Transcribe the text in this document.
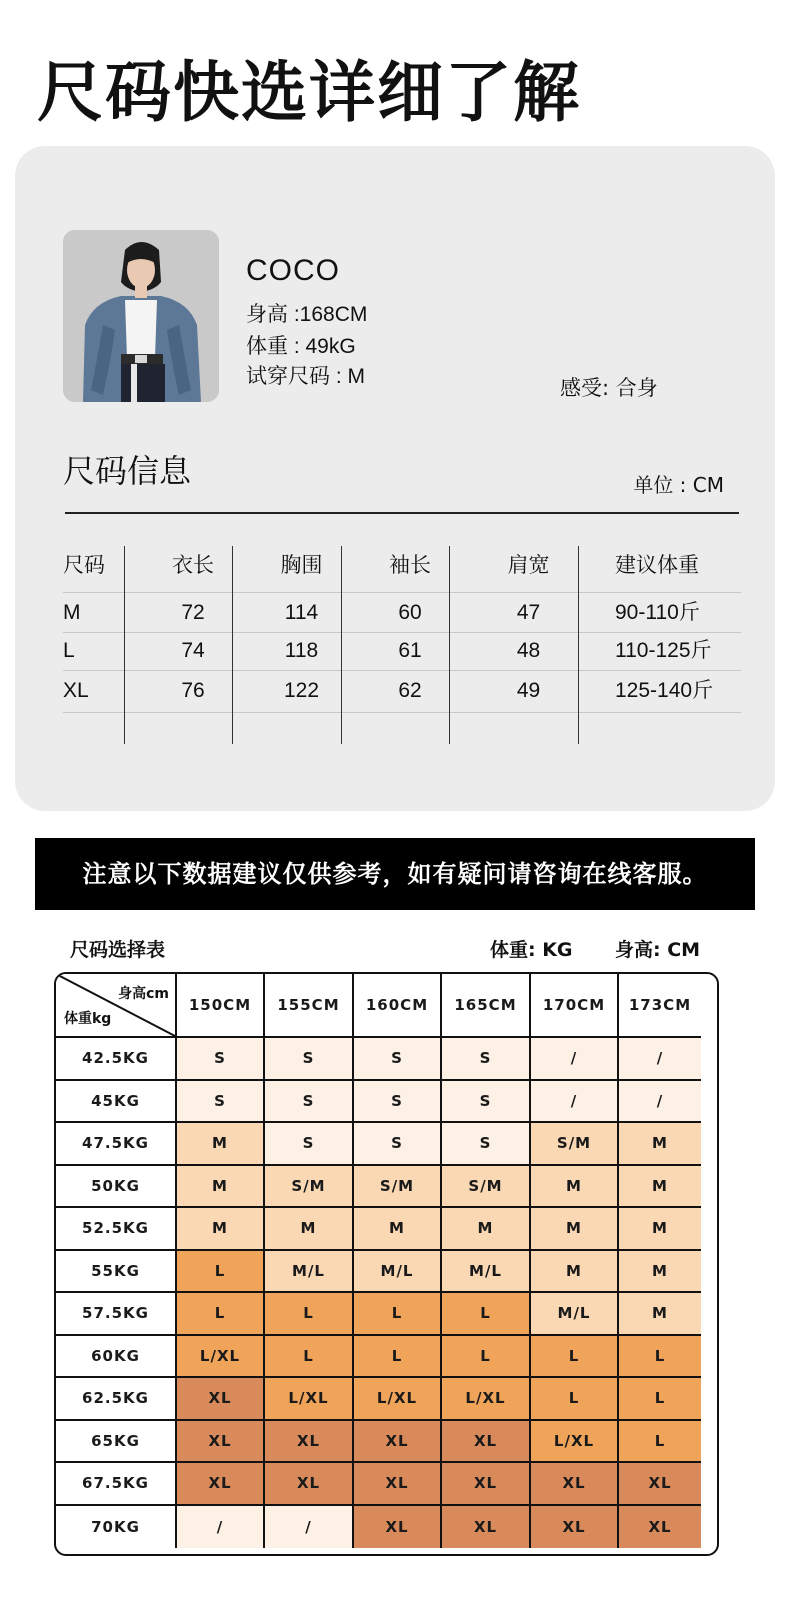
尺码快选详细了解
COCO
身高 :168CM
体重 : 49kG
试穿尺码 : M	感受: 合身
尺码信息	单位 : CM
尺码	衣长	胸围	袖长	肩宽	建议体重
M	72	114	60	47	90-110斤
L	74	118	61	48	110-125斤
XL	76	122	62	49	125-140斤
注意以下数据建议仅供参考，如有疑问请咨询在线客服。
尺码选择表	体重: KG 身高: CM
身高cm
体重kg
150CM	155CM	160CM	165CM	170CM	173CM
42.5KG	S	S	S	S	/	/
45KG	S	S	S	S	/	/
47.5KG	M	S	S	S	S/M	M
50KG	M	S/M	S/M	S/M	M	M
52.5KG	M	M	M	M	M	M
55KG	L	M/L	M/L	M/L	M	M
57.5KG	L	L	L	L	M/L	M
60KG	L/XL	L	L	L	L	L
62.5KG	XL	L/XL	L/XL	L/XL	L	L
65KG	XL	XL	XL	XL	L/XL	L
67.5KG	XL	XL	XL	XL	XL	XL
70KG	/	/	XL	XL	XL	XL
